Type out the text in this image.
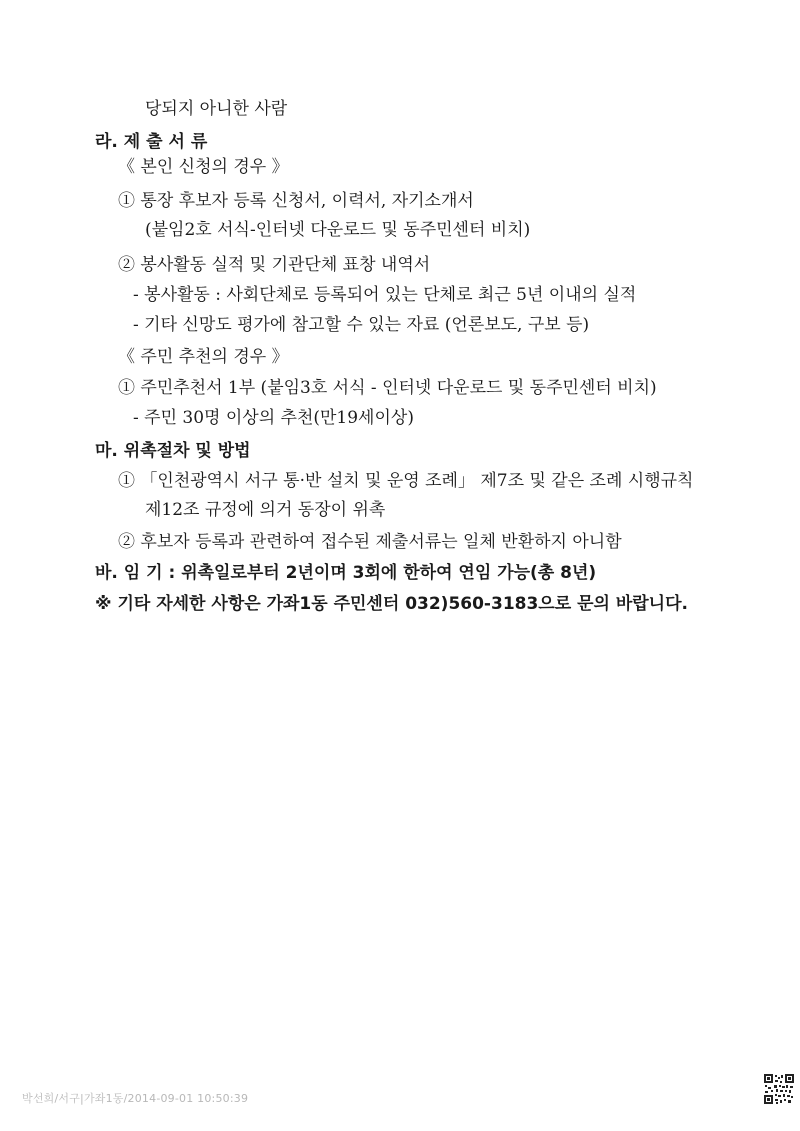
당되지 아니한 사람
라. 제 출 서 류
《 본인 신청의 경우 》
① 통장 후보자 등록 신청서, 이력서, 자기소개서
(붙임2호 서식-인터넷 다운로드 및 동주민센터 비치)
② 봉사활동 실적 및 기관단체 표창 내역서
- 봉사활동 : 사회단체로 등록되어 있는 단체로 최근 5년 이내의 실적
- 기타 신망도 평가에 참고할 수 있는 자료 (언론보도, 구보 등)
《 주민 추천의 경우 》
① 주민추천서 1부 (붙임3호 서식 - 인터넷 다운로드 및 동주민센터 비치)
- 주민 30명 이상의 추천(만19세이상)
마. 위촉절차 및 방법
① 「인천광역시 서구 통·반 설치 및 운영 조례」 제7조 및 같은 조례 시행규칙
제12조 규정에 의거 동장이 위촉
② 후보자 등록과 관련하여 접수된 제출서류는 일체 반환하지 아니함
바. 임 기 : 위촉일로부터 2년이며 3회에 한하여 연임 가능(총 8년)
※ 기타 자세한 사항은 가좌1동 주민센터 032)560-3183으로 문의 바랍니다.
박선희/서구|가좌1동/2014-09-01 10:50:39
